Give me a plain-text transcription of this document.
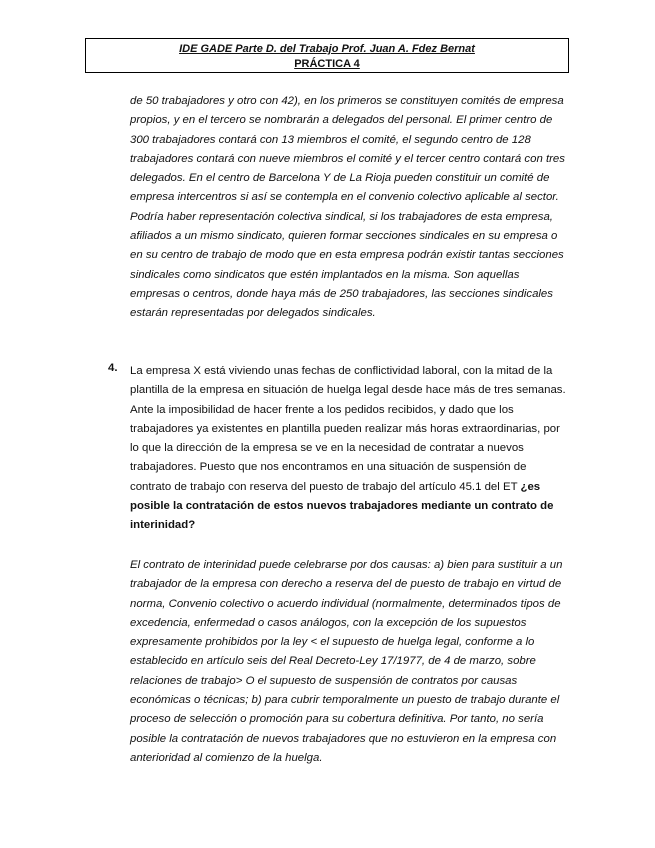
IDE GADE Parte D. del Trabajo Prof. Juan A. Fdez Bernat
PRÁCTICA 4

de 50 trabajadores y otro con 42), en los primeros se constituyen comités de empresa propios, y en el tercero se nombrarán a delegados del personal. El primer centro de 300 trabajadores contará con 13 miembros el comité, el segundo centro de 128 trabajadores contará con nueve miembros el comité y el tercer centro contará con tres delegados. En el centro de Barcelona Y de La Rioja pueden constituir un comité de empresa intercentros si así se contempla en el convenio colectivo aplicable al sector. Podría haber representación colectiva sindical, si los trabajadores de esta empresa, afiliados a un mismo sindicato, quieren formar secciones sindicales en su empresa o en su centro de trabajo de modo que en esta empresa podrán existir tantas secciones sindicales como sindicatos que estén implantados en la misma. Son aquellas empresas o centros, donde haya más de 250 trabajadores, las secciones sindicales estarán representadas por delegados sindicales.

4. La empresa X está viviendo unas fechas de conflictividad laboral, con la mitad de la plantilla de la empresa en situación de huelga legal desde hace más de tres semanas. Ante la imposibilidad de hacer frente a los pedidos recibidos, y dado que los trabajadores ya existentes en plantilla pueden realizar más horas extraordinarias, por lo que la dirección de la empresa se ve en la necesidad de contratar a nuevos trabajadores. Puesto que nos encontramos en una situación de suspensión de contrato de trabajo con reserva del puesto de trabajo del artículo 45.1 del ET ¿es posible la contratación de estos nuevos trabajadores mediante un contrato de interinidad?
El contrato de interinidad puede celebrarse por dos causas: a) bien para sustituir a un trabajador de la empresa con derecho a reserva del de puesto de trabajo en virtud de norma, Convenio colectivo o acuerdo individual (normalmente, determinados tipos de excedencia, enfermedad o casos análogos, con la excepción de los supuestos expresamente prohibidos por la ley < el supuesto de huelga legal, conforme a lo establecido en artículo seis del Real Decreto-Ley 17/1977, de 4 de marzo, sobre relaciones de trabajo> O el supuesto de suspensión de contratos por causas económicas o técnicas; b) para cubrir temporalmente un puesto de trabajo durante el proceso de selección o promoción para su cobertura definitiva. Por tanto, no sería posible la contratación de nuevos trabajadores que no estuvieron en la empresa con anterioridad al comienzo de la huelga.
